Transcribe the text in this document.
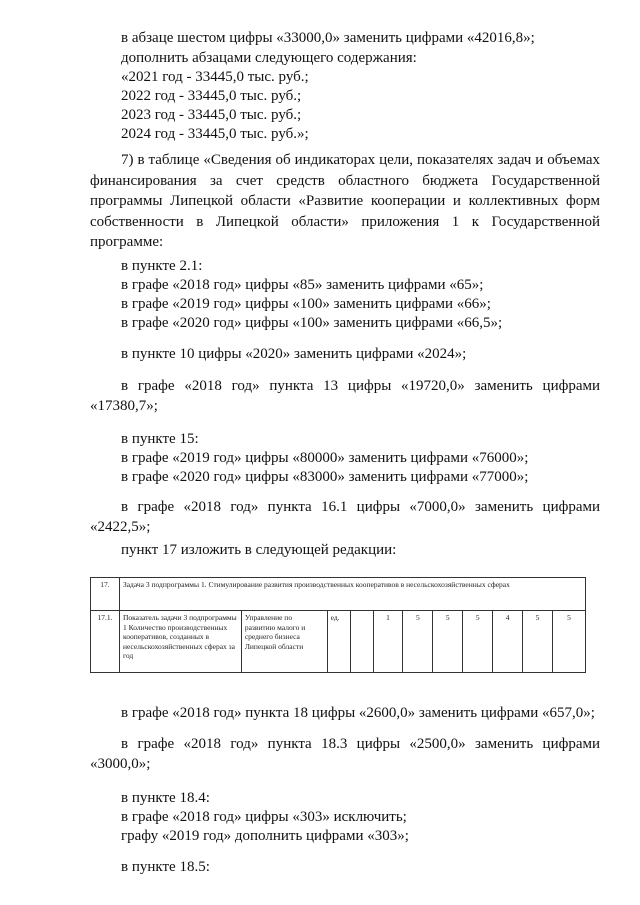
в абзаце шестом цифры «33000,0» заменить цифрами «42016,8»;
дополнить абзацами следующего содержания:
«2021 год - 33445,0 тыс. руб.;
2022 год - 33445,0 тыс. руб.;
2023 год - 33445,0 тыс. руб.;
2024 год - 33445,0 тыс. руб.»;
7) в таблице «Сведения об индикаторах цели, показателях задач и объемах финансирования за счет средств областного бюджета Государственной программы Липецкой области «Развитие кооперации и коллективных форм собственности в Липецкой области» приложения 1 к Государственной программе:
в пункте 2.1:
в графе «2018 год» цифры «85» заменить цифрами «65»;
в графе «2019 год» цифры «100» заменить цифрами «66»;
в графе «2020 год» цифры «100» заменить цифрами «66,5»;
в пункте 10 цифры «2020» заменить цифрами «2024»;
в графе «2018 год» пункта 13 цифры «19720,0» заменить цифрами
«17380,7»;
в пункте 15:
в графе «2019 год» цифры «80000» заменить цифрами «76000»;
в графе «2020 год» цифры «83000» заменить цифрами «77000»;
в графе «2018 год» пункта 16.1 цифры «7000,0» заменить цифрами
«2422,5»;
пункт 17 изложить в следующей редакции:
17.	Задача 3 подпрограммы 1. Стимулирование развития производственных кооперативов в несельскохозяйственных сферах										
17.1.	Показатель задачи 3 подпрограммы 1 Количество производственных кооперативов, созданных в несельскохозяйственных сферах за год	Управление по развитию малого и среднего бизнеса Липецкой области	ед.		1	5	5	5	4	5	5
в графе «2018 год» пункта 18 цифры «2600,0» заменить цифрами «657,0»;
в графе «2018 год» пункта 18.3 цифры «2500,0» заменить цифрами
«3000,0»;
в пункте 18.4:
в графе «2018 год» цифры «303» исключить;
графу «2019 год» дополнить цифрами «303»;
в пункте 18.5:
